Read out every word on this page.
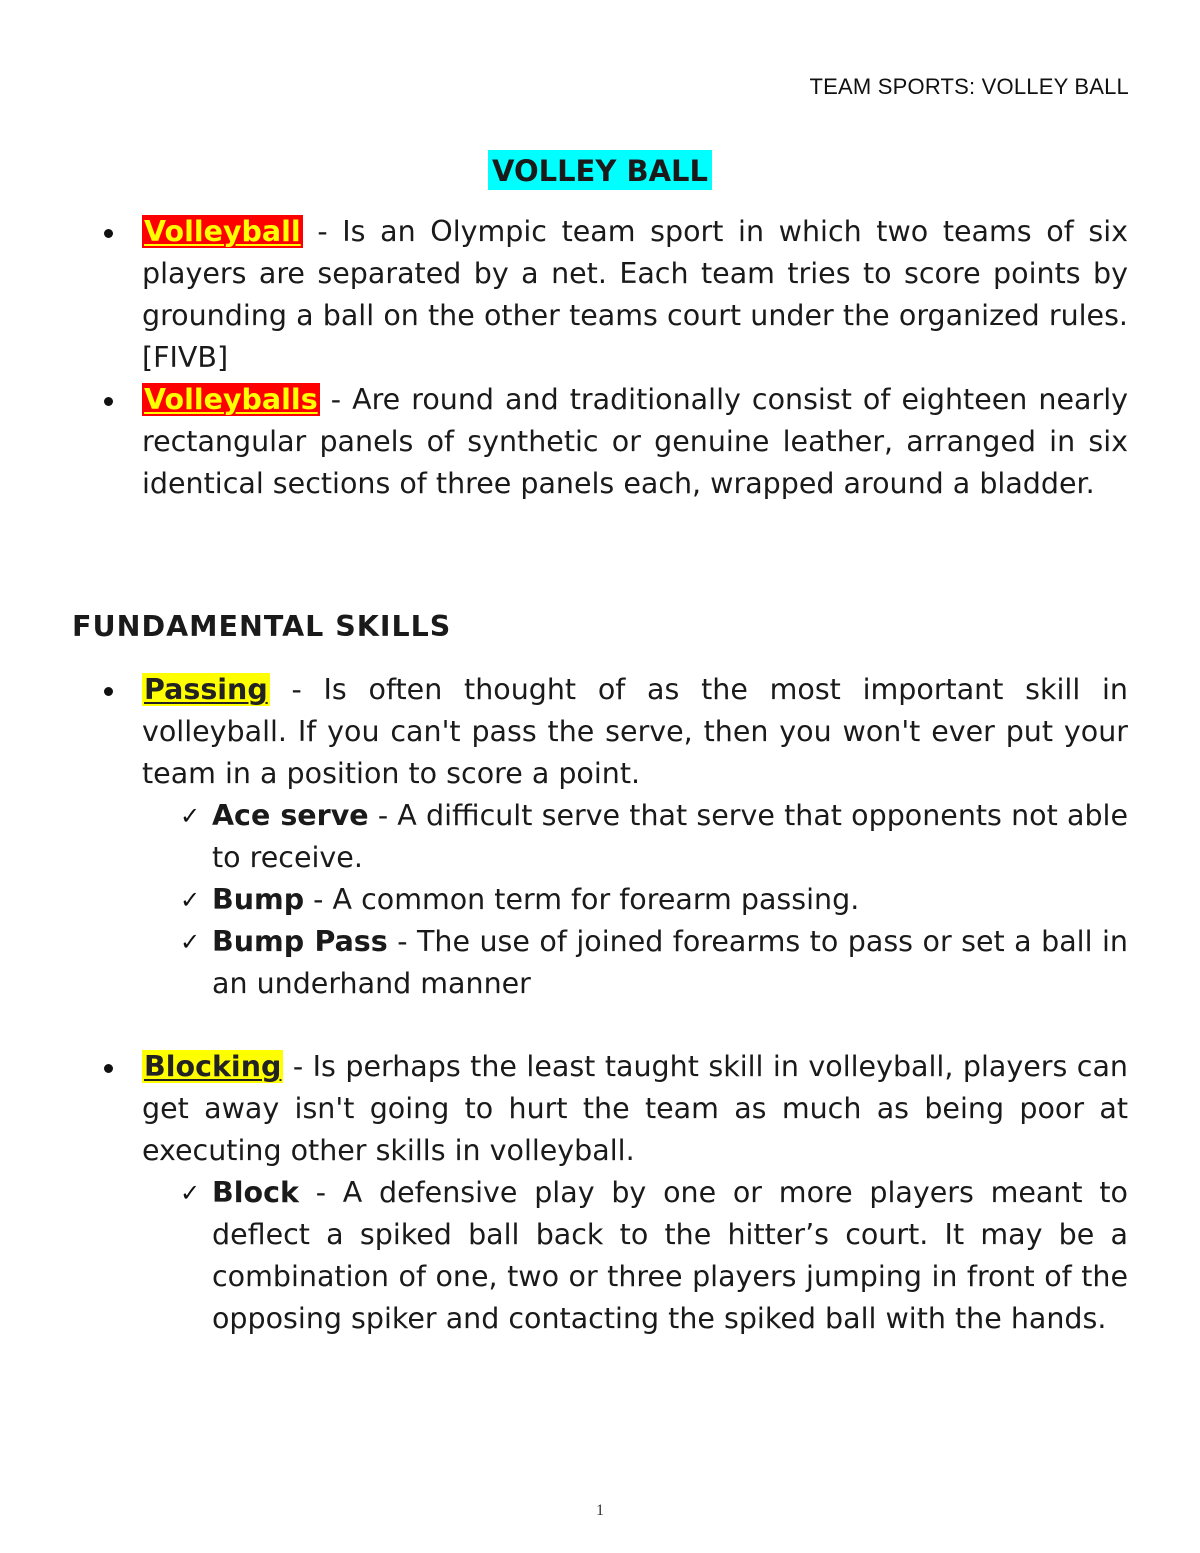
TEAM SPORTS: VOLLEY BALL
VOLLEY BALL

Volleyball - Is an Olympic team sport in which two teams of six players are separated by a net. Each team tries to score points by grounding a ball on the other teams court under the organized rules.[FIVB]

Volleyballs - Are round and traditionally consist of eighteen nearly rectangular panels of synthetic or genuine leather, arranged in six identical sections of three panels each, wrapped around a bladder.

FUNDAMENTAL SKILLS

Passing - Is often thought of as the most important skill in volleyball. If you can't pass the serve, then you won't ever put your team in a position to score a point.

✓ Ace serve - A difficult serve that serve that opponents not able to receive.

✓ Bump - A common term for forearm passing.

✓ Bump Pass - The use of joined forearms to pass or set a ball in an underhand manner

Blocking - Is perhaps the least taught skill in volleyball, players can get away isn't going to hurt the team as much as being poor at executing other skills in volleyball.

✓ Block - A defensive play by one or more players meant to deflect a spiked ball back to the hitter’s court. It may be a combination of one, two or three players jumping in front of the opposing spiker and contacting the spiked ball with the hands.

1
